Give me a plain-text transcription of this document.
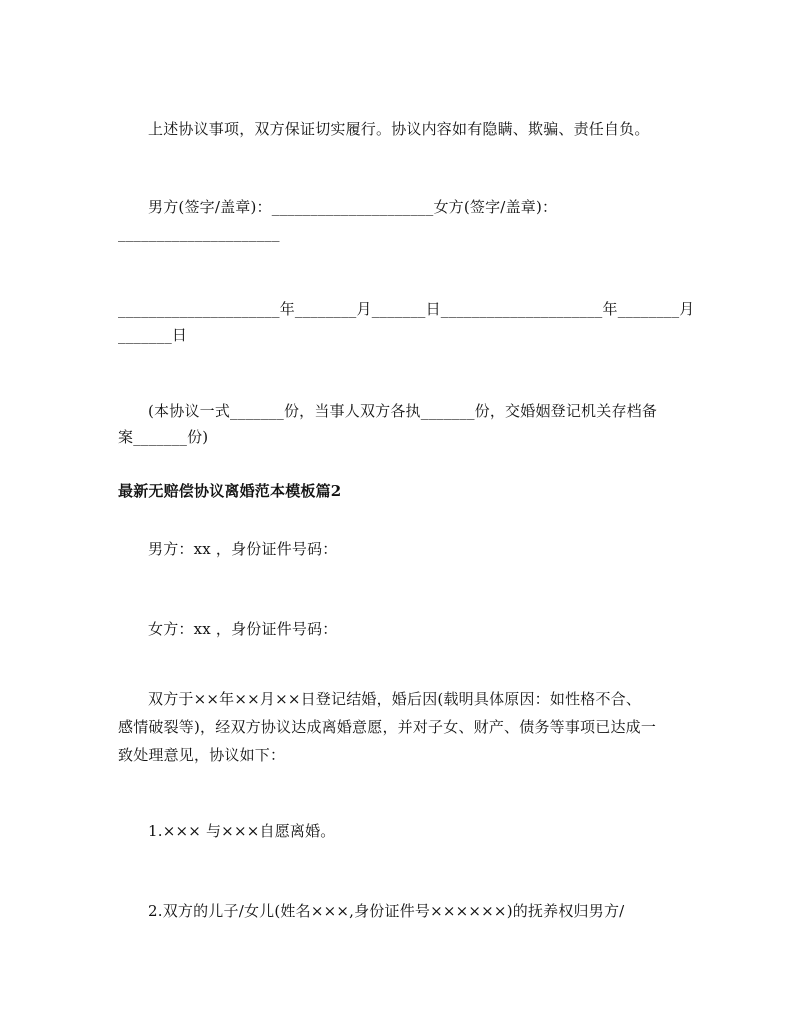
上述协议事项，双方保证切实履行。协议内容如有隐瞒、欺骗、责任自负。
男方(签字/盖章)：_____________________女方(签字/盖章)：
_____________________
_____________________年________月_______日_____________________年________月
_______日
(本协议一式_______份，当事人双方各执_______份，交婚姻登记机关存档备
案_______份)
最新无赔偿协议离婚范本模板篇2
男方：xx ，身份证件号码：
女方：xx ，身份证件号码：
双方于××年××月××日登记结婚，婚后因(载明具体原因：如性格不合、
感情破裂等)，经双方协议达成离婚意愿，并对子女、财产、债务等事项已达成一
致处理意见，协议如下：
1.××× 与×××自愿离婚。
2.双方的儿子/女儿(姓名×××,身份证件号××××××)的抚养权归男方/
